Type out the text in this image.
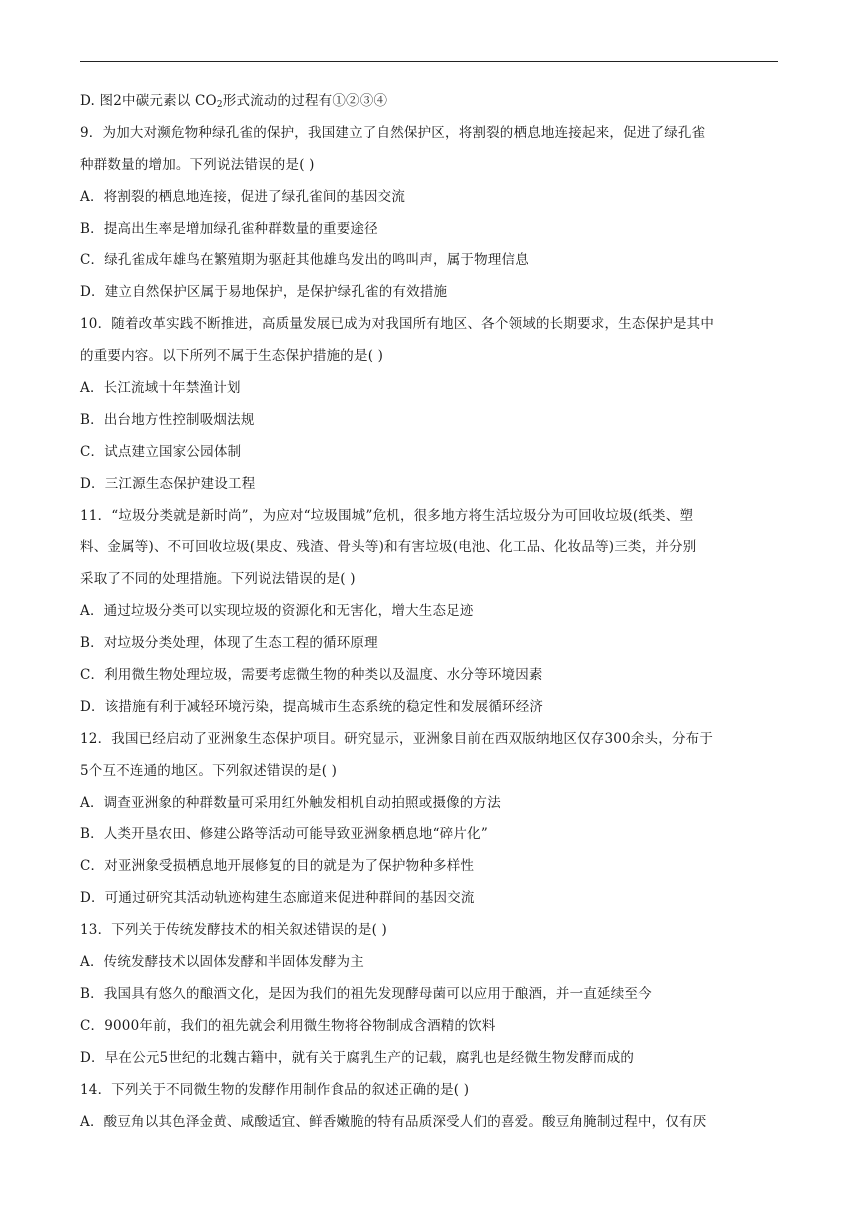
D. 图2中碳元素以 $CO_2$形式流动的过程有①②③④
9．为加大对濒危物种绿孔雀的保护，我国建立了自然保护区，将割裂的栖息地连接起来，促进了绿孔雀
种群数量的增加。下列说法错误的是( )
A．将割裂的栖息地连接，促进了绿孔雀间的基因交流
B．提高出生率是增加绿孔雀种群数量的重要途径
C．绿孔雀成年雄鸟在繁殖期为驱赶其他雄鸟发出的鸣叫声，属于物理信息
D．建立自然保护区属于易地保护，是保护绿孔雀的有效措施
10．随着改革实践不断推进，高质量发展已成为对我国所有地区、各个领域的长期要求，生态保护是其中
的重要内容。以下所列不属于生态保护措施的是( )
A．长江流域十年禁渔计划
B．出台地方性控制吸烟法规
C．试点建立国家公园体制
D．三江源生态保护建设工程
11．“垃圾分类就是新时尚”，为应对“垃圾围城”危机，很多地方将生活垃圾分为可回收垃圾(纸类、塑
料、金属等)、不可回收垃圾(果皮、残渣、骨头等)和有害垃圾(电池、化工品、化妆品等)三类，并分别
采取了不同的处理措施。下列说法错误的是( )
A．通过垃圾分类可以实现垃圾的资源化和无害化，增大生态足迹
B．对垃圾分类处理，体现了生态工程的循环原理
C．利用微生物处理垃圾，需要考虑微生物的种类以及温度、水分等环境因素
D．该措施有利于减轻环境污染，提高城市生态系统的稳定性和发展循环经济
12．我国已经启动了亚洲象生态保护项目。研究显示，亚洲象目前在西双版纳地区仅存300余头，分布于
5个互不连通的地区。下列叙述错误的是( )
A．调查亚洲象的种群数量可采用红外触发相机自动拍照或摄像的方法
B．人类开垦农田、修建公路等活动可能导致亚洲象栖息地“碎片化”
C．对亚洲象受损栖息地开展修复的目的就是为了保护物种多样性
D．可通过研究其活动轨迹构建生态廊道来促进种群间的基因交流
13．下列关于传统发酵技术的相关叙述错误的是( )
A．传统发酵技术以固体发酵和半固体发酵为主
B．我国具有悠久的酿酒文化，是因为我们的祖先发现酵母菌可以应用于酿酒，并一直延续至今
C．9000年前，我们的祖先就会利用微生物将谷物制成含酒精的饮料
D．早在公元5世纪的北魏古籍中，就有关于腐乳生产的记载，腐乳也是经微生物发酵而成的
14．下列关于不同微生物的发酵作用制作食品的叙述正确的是( )
A．酸豆角以其色泽金黄、咸酸适宜、鲜香嫩脆的特有品质深受人们的喜爱。酸豆角腌制过程中，仅有厌
